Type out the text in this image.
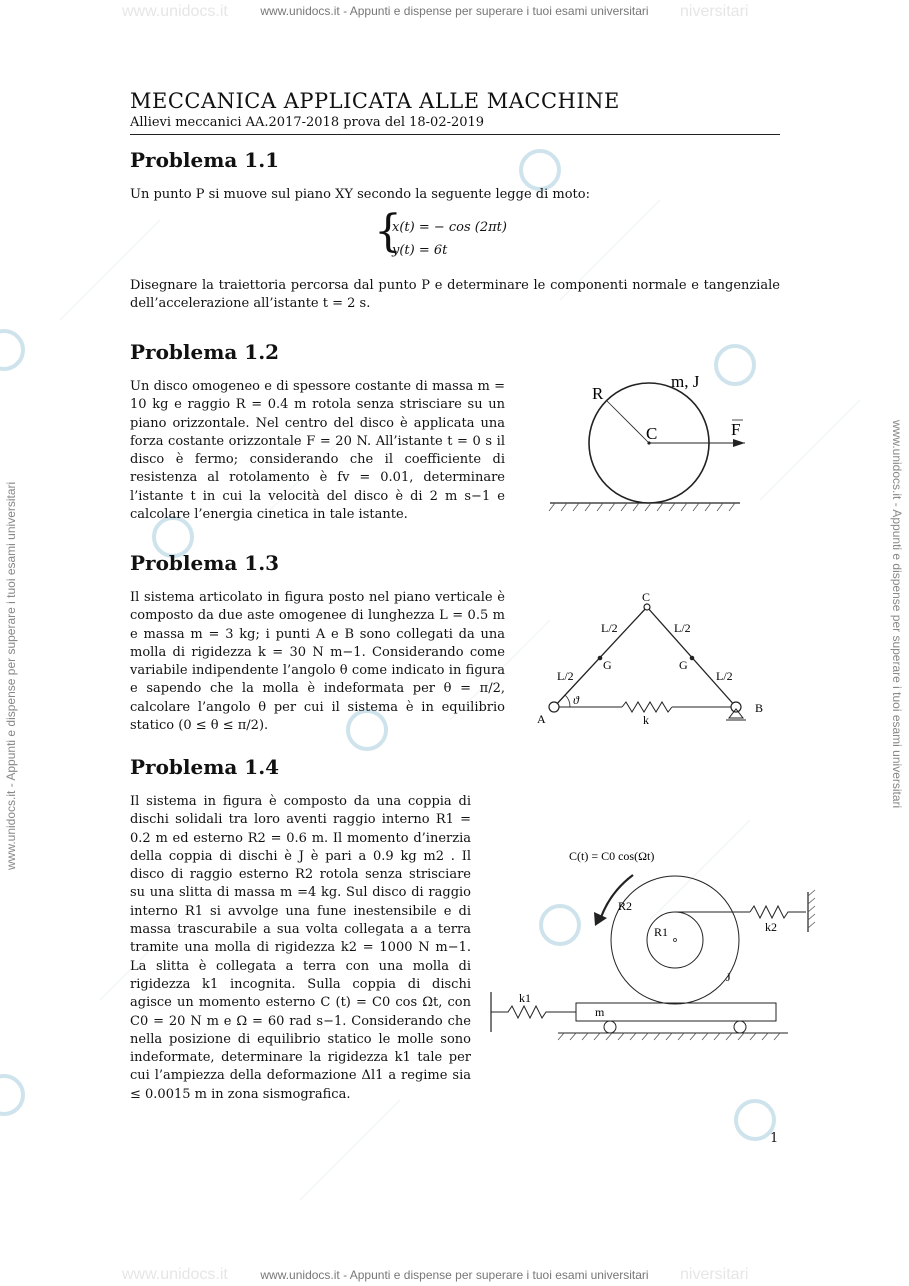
www.unidocs.it	niversitari
www.unidocs.it - Appunti e dispense per superare i tuoi esami universitari
www.unidocs.it	niversitari
www.unidocs.it - Appunti e dispense per superare i tuoi esami universitari
www.unidocs.it - Appunti e dispense per superare i tuoi esami universitari	www.unidocs.it - Appunti e dispense per superare i tuoi esami universitari
MECCANICA APPLICATA ALLE MACCHINE
Allievi meccanici AA.2017-2018 prova del 18-02-2019
Problema 1.1
Un punto P si muove sul piano XY secondo la seguente legge di moto:
{
x(t) = − cos (2πt)
y(t) = 6t
Disegnare la traiettoria percorsa dal punto P e determinare le componenti normale e tangenziale dell’accelerazione all’istante t = 2 s.
Problema 1.2
Un disco omogeneo e di spessore costante di massa m = 10 kg e raggio R = 0.4 m rotola senza strisciare su un piano orizzontale. Nel centro del disco è applicata una forza costante orizzontale F = 20 N. All’istante t = 0 s il disco è fermo; considerando che il coefficiente di resistenza al rotolamento è fv = 0.01, determinare l’istante t in cui la velocità del disco è di 2 m s−1 e calcolare l’energia cinetica in tale istante.
R
m, J
C	F
Problema 1.3
Il sistema articolato in figura posto nel piano verticale è composto da due aste omogenee di lunghezza L = 0.5 m e massa m = 3 kg; i punti A e B sono collegati da una molla di rigidezza k = 30 N m−1. Considerando come variabile indipendente l’angolo θ come indicato in figura e sapendo che la molla è indeformata per θ = π/2, calcolare l’angolo θ per cui il sistema è in equilibrio statico (0 ≤ θ ≤ π/2).
C
L/2	L/2
G	G
L/2	L/2
ϑ
A
B
k
Problema 1.4
Il sistema in figura è composto da una coppia di dischi solidali tra loro aventi raggio interno R1 = 0.2 m ed esterno R2 = 0.6 m. Il momento d’inerzia della coppia di dischi è J è pari a 0.9 kg m2 . Il disco di raggio esterno R2 rotola senza strisciare su una slitta di massa m =4 kg. Sul disco di raggio interno R1 si avvolge una fune inestensibile e di massa trascurabile a sua volta collegata a a terra tramite una molla di rigidezza k2 = 1000 N m−1. La slitta è collegata a terra con una molla di rigidezza k1 incognita. Sulla coppia di dischi agisce un momento esterno C (t) = C0 cos Ωt, con C0 = 20 N m e Ω = 60 rad s−1. Considerando che nella posizione di equilibrio statico le molle sono indeformate, determinare la rigidezza k1 tale per cui l’ampiezza della deformazione Δl1 a regime sia ≤ 0.0015 m in zona sismografica.
C(t) = C0 cos(Ωt)
R2
R1	k2
J
m
k1
1
